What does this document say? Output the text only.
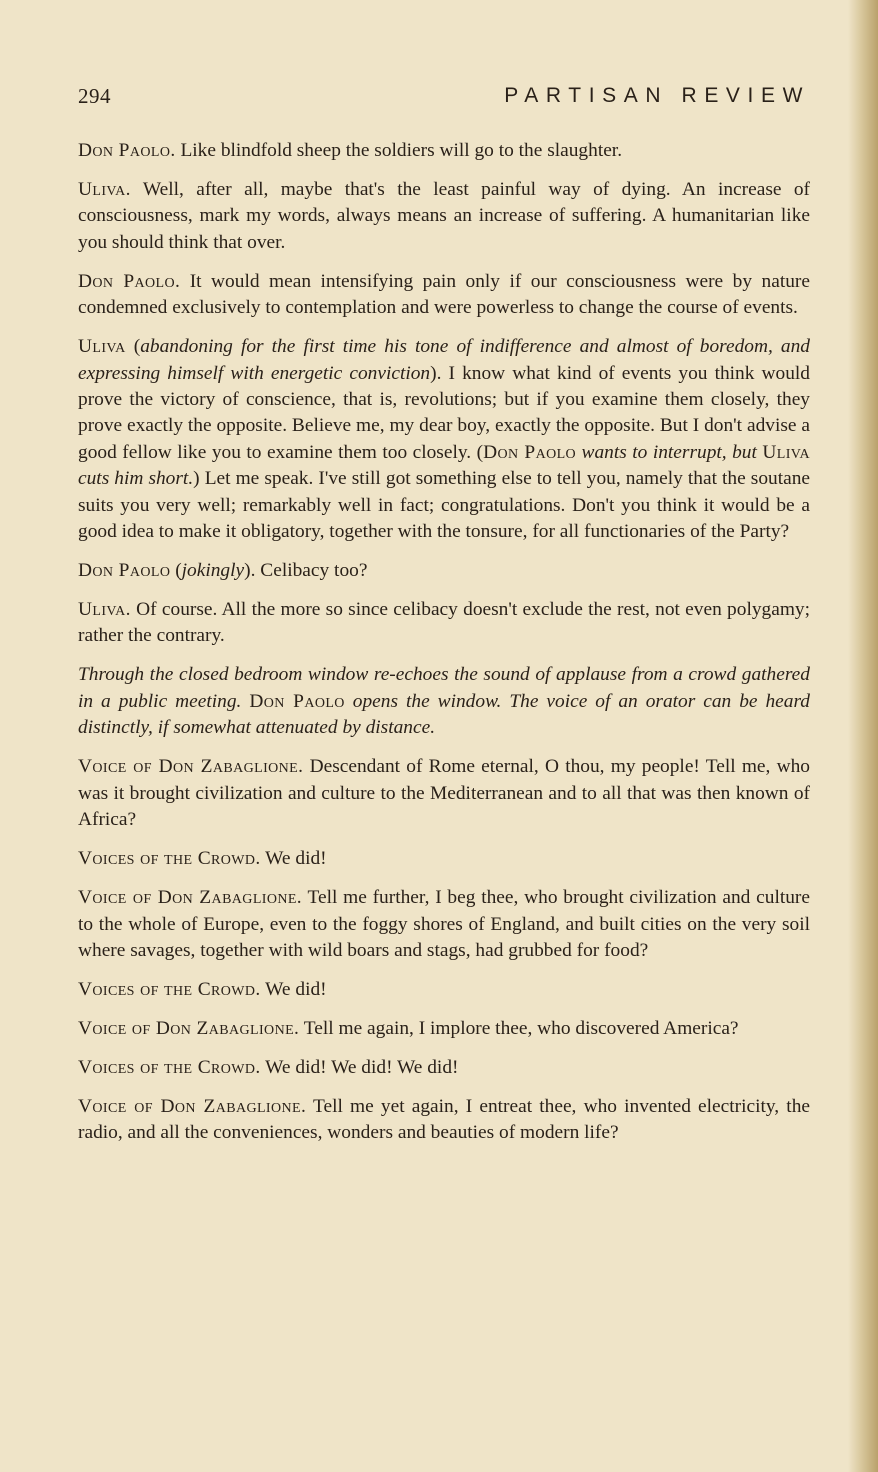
294	PARTISAN REVIEW

Don Paolo. Like blindfold sheep the soldiers will go to the slaughter.

Uliva. Well, after all, maybe that's the least painful way of dying. An increase of consciousness, mark my words, always means an increase of suffering. A humanitarian like you should think that over.

Don Paolo. It would mean intensifying pain only if our consciousness were by nature condemned exclusively to contemplation and were powerless to change the course of events.

Uliva (abandoning for the first time his tone of indifference and almost of boredom, and expressing himself with energetic conviction). I know what kind of events you think would prove the victory of conscience, that is, revolutions; but if you examine them closely, they prove exactly the opposite. Believe me, my dear boy, exactly the opposite. But I don't advise a good fellow like you to examine them too closely. (Don Paolo wants to interrupt, but Uliva cuts him short.) Let me speak. I've still got something else to tell you, namely that the soutane suits you very well; remarkably well in fact; congratulations. Don't you think it would be a good idea to make it obligatory, together with the tonsure, for all functionaries of the Party?

Don Paolo (jokingly). Celibacy too?

Uliva. Of course. All the more so since celibacy doesn't exclude the rest, not even polygamy; rather the contrary.

Through the closed bedroom window re-echoes the sound of applause from a crowd gathered in a public meeting. Don Paolo opens the window. The voice of an orator can be heard distinctly, if somewhat attenuated by distance.

Voice of Don Zabaglione. Descendant of Rome eternal, O thou, my people! Tell me, who was it brought civilization and culture to the Mediterranean and to all that was then known of Africa?

Voices of the Crowd. We did!

Voice of Don Zabaglione. Tell me further, I beg thee, who brought civilization and culture to the whole of Europe, even to the foggy shores of England, and built cities on the very soil where savages, together with wild boars and stags, had grubbed for food?

Voices of the Crowd. We did!

Voice of Don Zabaglione. Tell me again, I implore thee, who discovered America?

Voices of the Crowd. We did! We did! We did!

Voice of Don Zabaglione. Tell me yet again, I entreat thee, who invented electricity, the radio, and all the conveniences, wonders and beauties of modern life?
